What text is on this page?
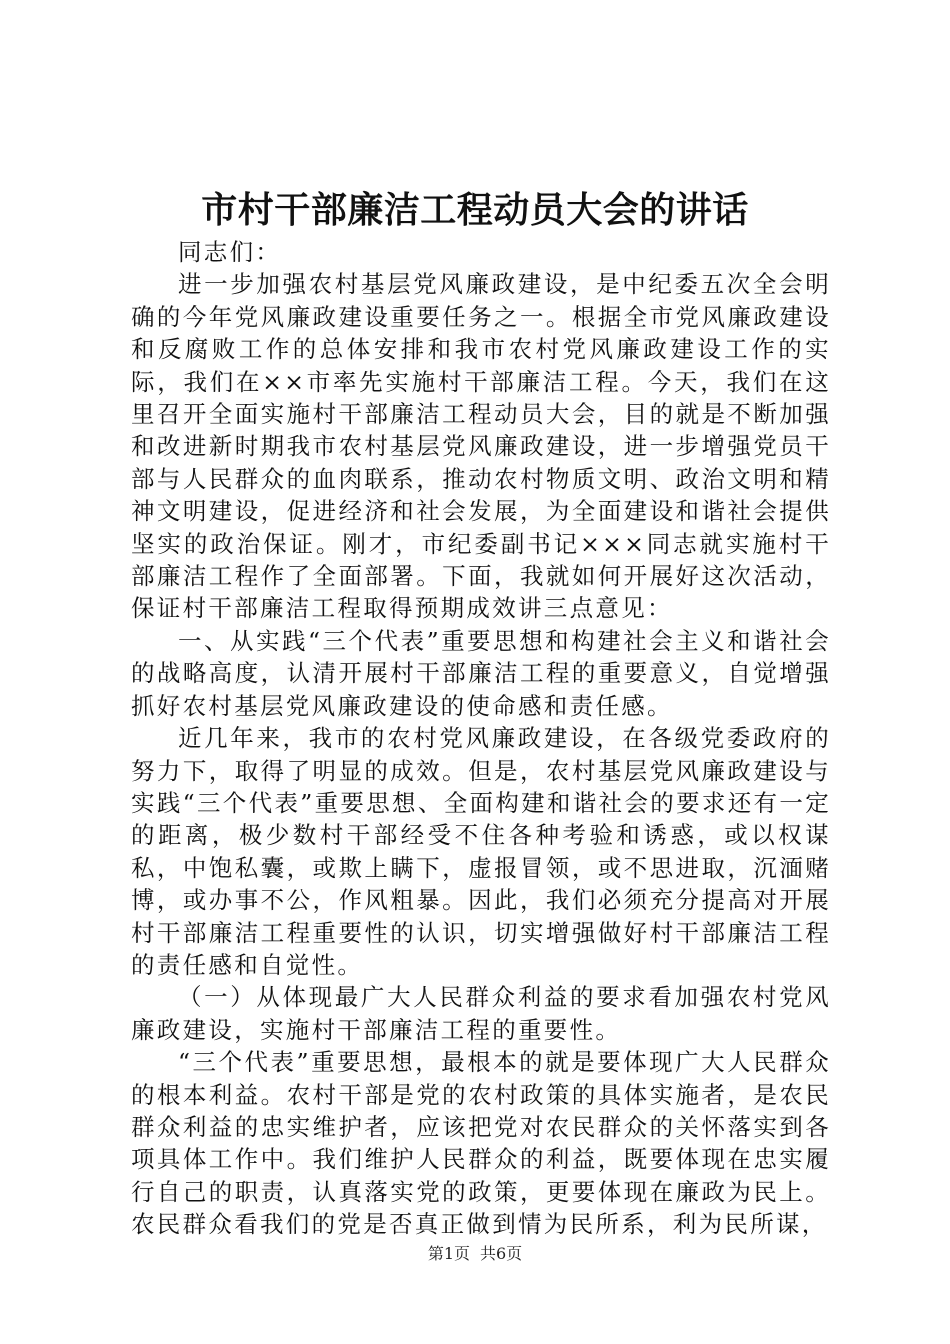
市村干部廉洁工程动员大会的讲话

同志们：

进一步加强农村基层党风廉政建设，是中纪委五次全会明确的今年党风廉政建设重要任务之一。根据全市党风廉政建设和反腐败工作的总体安排和我市农村党风廉政建设工作的实际，我们在××市率先实施村干部廉洁工程。今天，我们在这里召开全面实施村干部廉洁工程动员大会，目的就是不断加强和改进新时期我市农村基层党风廉政建设，进一步增强党员干部与人民群众的血肉联系，推动农村物质文明、政治文明和精神文明建设，促进经济和社会发展，为全面建设和谐社会提供坚实的政治保证。刚才，市纪委副书记×××同志就实施村干部廉洁工程作了全面部署。下面，我就如何开展好这次活动，保证村干部廉洁工程取得预期成效讲三点意见：

一、从实践“三个代表”重要思想和构建社会主义和谐社会的战略高度，认清开展村干部廉洁工程的重要意义，自觉增强抓好农村基层党风廉政建设的使命感和责任感。

近几年来，我市的农村党风廉政建设，在各级党委政府的努力下，取得了明显的成效。但是，农村基层党风廉政建设与实践“三个代表”重要思想、全面构建和谐社会的要求还有一定的距离，极少数村干部经受不住各种考验和诱惑，或以权谋私，中饱私囊，或欺上瞒下，虚报冒领，或不思进取，沉湎赌博，或办事不公，作风粗暴。因此，我们必须充分提高对开展村干部廉洁工程重要性的认识，切实增强做好村干部廉洁工程的责任感和自觉性。

（一）从体现最广大人民群众利益的要求看加强农村党风廉政建设，实施村干部廉洁工程的重要性。

“三个代表”重要思想，最根本的就是要体现广大人民群众的根本利益。农村干部是党的农村政策的具体实施者，是农民群众利益的忠实维护者，应该把党对农民群众的关怀落实到各项具体工作中。我们维护人民群众的利益，既要体现在忠实履行自己的职责，认真落实党的政策，更要体现在廉政为民上。农民群众看我们的党是否真正做到情为民所系，利为民所谋，

第1页 共6页
